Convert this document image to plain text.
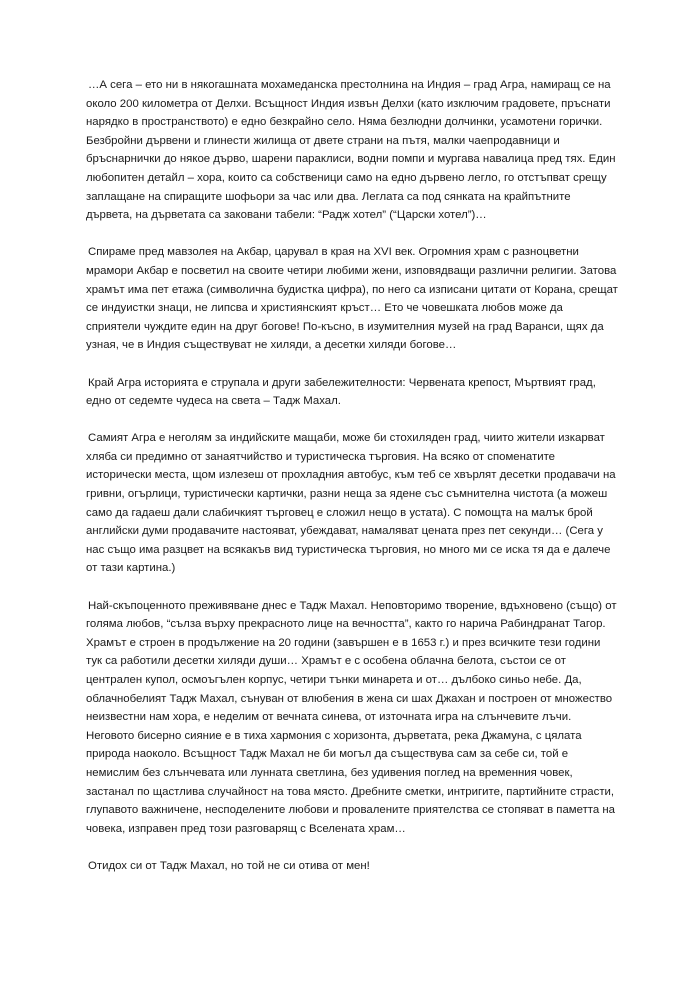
…А сега – ето ни в някогашната мохамеданска престолнина на Индия – град Агра, намиращ се на около 200 километра от Делхи. Всъщност Индия извън Делхи (като изключим градовете, пръснати нарядко в пространството) е едно безкрайно село. Няма безлюдни долчинки, усамотени горички. Безбройни дървени и глинести жилища от двете страни на пътя, малки чаепродавници и бръснарнички до някое дърво, шарени параклиси, водни помпи и мургава навалица пред тях. Един любопитен детайл – хора, които са собственици само на едно дървено легло, го отстъпват срещу заплащане на спиращите шофьори за час или два. Леглата са под сянката на крайпътните дървета, на дърветата са заковани табели: “Радж хотел” (“Царски хотел”)…

Спираме пред мавзолея на Акбар, царувал в края на XVI век. Огромния храм с разноцветни мрамори Акбар е посветил на своите четири любими жени, изповядващи различни религии. Затова храмът има пет етажа (символична будистка цифра), по него са изписани цитати от Корана, срещат се индуистки знаци, не липсва и християнският кръст… Ето че човешката любов може да сприятели чуждите един на друг богове! По-късно, в изумителния музей на град Варанси, щях да узная, че в Индия съществуват не хиляди, а десетки хиляди богове…

Край Агра историята е струпала и други забележителности: Червената крепост, Мъртвият град, едно от седемте чудеса на света – Тадж Махал.

Самият Агра е неголям за индийските мащаби, може би стохиляден град, чиито жители изкарват хляба си предимно от занаятчийство и туристическа търговия. На всяко от споменатите исторически места, щом излезеш от прохладния автобус, към теб се хвърлят десетки продавачи на гривни, огърлици, туристически картички, разни неща за ядене със съмнителна чистота (а можеш само да гадаеш дали слабичкият търговец е сложил нещо в устата). С помощта на малък брой английски думи продавачите настояват, убеждават, намаляват цената през пет секунди… (Сега у нас също има разцвет на всякакъв вид туристическа търговия, но много ми се иска тя да е далече от тази картина.)

Най-скъпоценното преживяване днес е Тадж Махал. Неповторимо творение, вдъхновено (също) от голяма любов, “сълза върху прекрасното лице на вечността”, както го нарича Рабиндранат Тагор. Храмът е строен в продължение на 20 години (завършен е в 1653 г.) и през всичките тези години тук са работили десетки хиляди души… Храмът е с особена облачна белота, състои се от централен купол, осмоъгълен корпус, четири тънки минарета и от… дълбоко синьо небе. Да, облачнобелият Тадж Махал, сънуван от влюбения в жена си шах Джахан и построен от множество неизвестни нам хора, е неделим от вечната синева, от източната игра на слънчевите лъчи. Неговото бисерно сияние е в тиха хармония с хоризонта, дърветата, река Джамуна, с цялата природа наоколо. Всъщност Тадж Махал не би могъл да съществува сам за себе си, той е немислим без слънчевата или лунната светлина, без удивения поглед на временния човек, застанал по щастлива случайност на това място. Дребните сметки, интригите, партийните страсти, глупавото важничене, несподелените любови и провалените приятелства се стопяват в паметта на човека, изправен пред този разговарящ с Вселената храм…

Отидох си от Тадж Махал, но той не си отива от мен!
